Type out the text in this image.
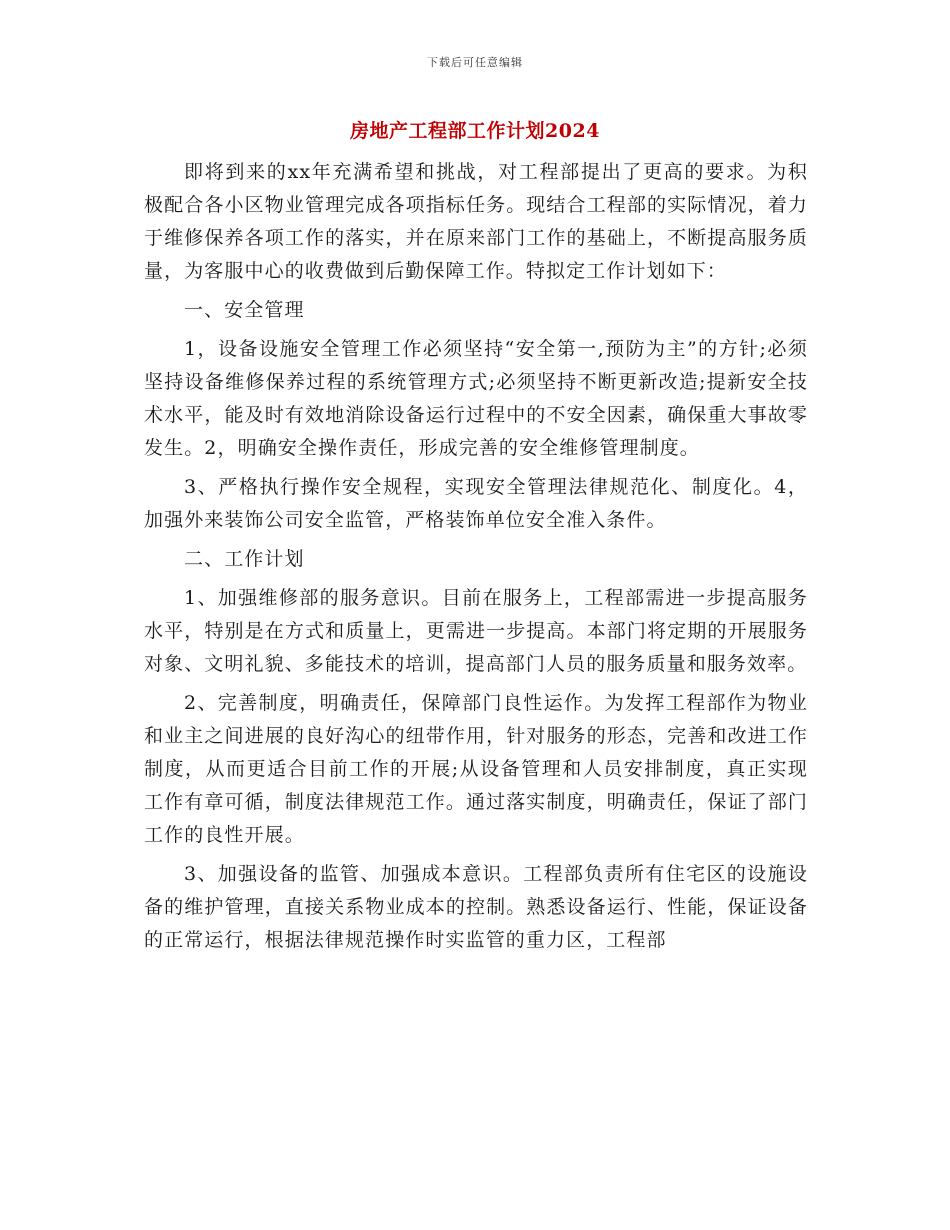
下载后可任意编辑
房地产工程部工作计划2024

即将到来的xx年充满希望和挑战，对工程部提出了更高的要求。为积极配合各小区物业管理完成各项指标任务。现结合工程部的实际情况，着力于维修保养各项工作的落实，并在原来部门工作的基础上，不断提高服务质量，为客服中心的收费做到后勤保障工作。特拟定工作计划如下：

一、安全管理

1，设备设施安全管理工作必须坚持“安全第一,预防为主”的方针;必须坚持设备维修保养过程的系统管理方式;必须坚持不断更新改造;提新安全技术水平，能及时有效地消除设备运行过程中的不安全因素，确保重大事故零发生。2，明确安全操作责任，形成完善的安全维修管理制度。

3、严格执行操作安全规程，实现安全管理法律规范化、制度化。4，加强外来装饰公司安全监管，严格装饰单位安全准入条件。

二、工作计划

1、加强维修部的服务意识。目前在服务上，工程部需进一步提高服务水平，特别是在方式和质量上，更需进一步提高。本部门将定期的开展服务对象、文明礼貌、多能技术的培训，提高部门人员的服务质量和服务效率。

2、完善制度，明确责任，保障部门良性运作。为发挥工程部作为物业和业主之间进展的良好沟心的纽带作用，针对服务的形态，完善和改进工作制度，从而更适合目前工作的开展;从设备管理和人员安排制度，真正实现工作有章可循，制度法律规范工作。通过落实制度，明确责任，保证了部门工作的良性开展。

3、加强设备的监管、加强成本意识。工程部负责所有住宅区的设施设备的维护管理，直接关系物业成本的控制。熟悉设备运行、性能，保证设备的正常运行，根据法律规范操作时实监管的重力区，工程部
